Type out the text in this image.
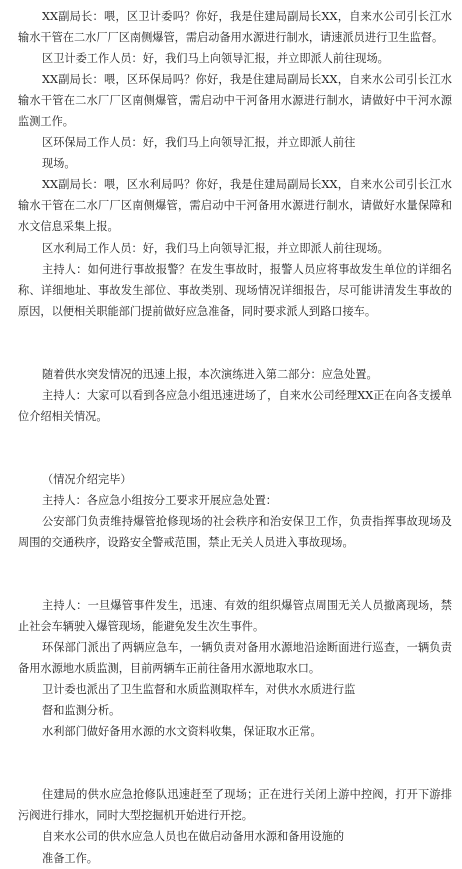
XX副局长：喂，区卫计委吗？你好，我是住建局副局长XX，自来水公司引长江水输水干管在二水厂厂区南侧爆管，需启动备用水源进行制水，请速派员进行卫生监督。

区卫计委工作人员：好，我们马上向领导汇报，并立即派人前往现场。

XX副局长：喂，区环保局吗？你好，我是住建局副局长XX，自来水公司引长江水输水干管在二水厂厂区南侧爆管，需启动中干河备用水源进行制水，请做好中干河水源监测工作。

区环保局工作人员：好，我们马上向领导汇报，并立即派人前往

现场。

XX副局长：喂，区水利局吗？你好，我是住建局副局长XX，自来水公司引长江水输水干管在二水厂厂区南侧爆管，需启动中干河备用水源进行制水，请做好水量保障和水文信息采集上报。

区水利局工作人员：好，我们马上向领导汇报，并立即派人前往现场。

主持人：如何进行事故报警？在发生事故时，报警人员应将事故发生单位的详细名称、详细地址、事故发生部位、事故类别、现场情况详细报告，尽可能讲清发生事故的原因，以便相关职能部门提前做好应急准备，同时要求派人到路口接车。

随着供水突发情况的迅速上报，本次演练进入第二部分：应急处置。

主持人：大家可以看到各应急小组迅速进场了，自来水公司经理XX正在向各支援单位介绍相关情况。

（情况介绍完毕）

主持人：各应急小组按分工要求开展应急处置：

公安部门负责维持爆管抢修现场的社会秩序和治安保卫工作，负责指挥事故现场及周围的交通秩序，设路安全警戒范围，禁止无关人员进入事故现场。

主持人：一旦爆管事件发生，迅速、有效的组织爆管点周围无关人员撤离现场，禁止社会车辆驶入爆管现场，能避免发生次生事件。

环保部门派出了两辆应急车，一辆负责对备用水源地沿途断面进行巡查，一辆负责备用水源地水质监测，目前两辆车正前往备用水源地取水口。

卫计委也派出了卫生监督和水质监测取样车，对供水水质进行监

督和监测分析。

水利部门做好备用水源的水文资料收集，保证取水正常。

住建局的供水应急抢修队迅速赶至了现场；正在进行关闭上游中控阀，打开下游排污阀进行排水，同时大型挖掘机开始进行开挖。

自来水公司的供水应急人员也在做启动备用水源和备用设施的

准备工作。
